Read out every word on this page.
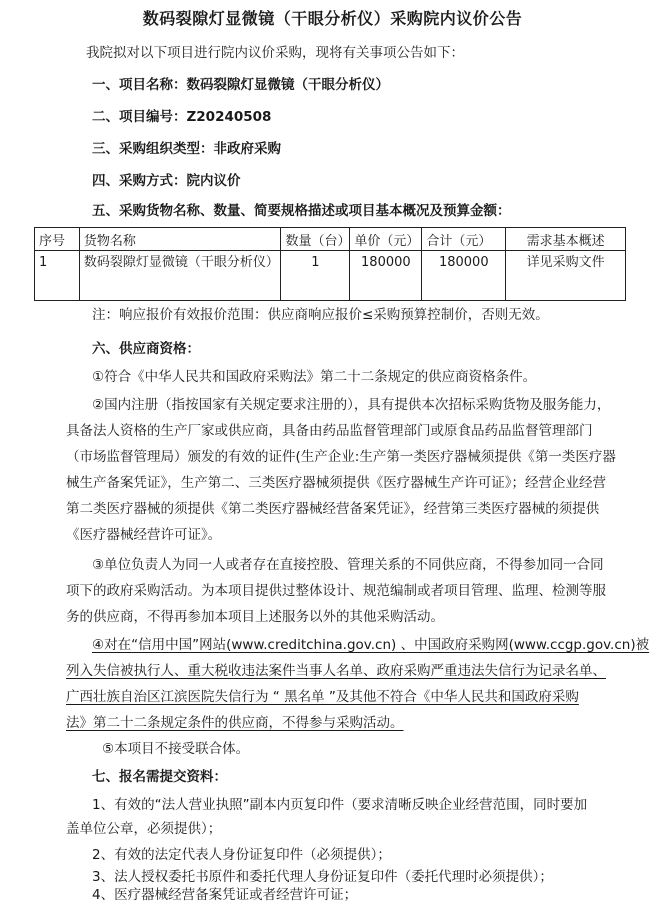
数码裂隙灯显微镜（干眼分析仪）采购院内议价公告
我院拟对以下项目进行院内议价采购，现将有关事项公告如下：
一、项目名称：数码裂隙灯显微镜（干眼分析仪）
二、项目编号：Z20240508
三、采购组织类型：非政府采购
四、采购方式：院内议价
五、采购货物名称、数量、简要规格描述或项目基本概况及预算金额：
序号	货物名称	数量（台）	单价（元）	合计（元）	需求基本概述
1	数码裂隙灯显微镜（干眼分析仪）	1	180000	180000	详见采购文件
注：响应报价有效报价范围：供应商响应报价≤采购预算控制价，否则无效。
六、供应商资格：
①符合《中华人民共和国政府采购法》第二十二条规定的供应商资格条件。
②国内注册（指按国家有关规定要求注册的），具有提供本次招标采购货物及服务能力，
具备法人资格的生产厂家或供应商，具备由药品监督管理部门或原食品药品监督管理部门
（市场监督管理局）颁发的有效的证件(生产企业:生产第一类医疗器械须提供《第一类医疗器
械生产备案凭证》，生产第二、三类医疗器械须提供《医疗器械生产许可证》；经营企业经营
第二类医疗器械的须提供《第二类医疗器械经营备案凭证》，经营第三类医疗器械的须提供
《医疗器械经营许可证》。
③单位负责人为同一人或者存在直接控股、管理关系的不同供应商，不得参加同一合同
项下的政府采购活动。为本项目提供过整体设计、规范编制或者项目管理、监理、检测等服
务的供应商，不得再参加本项目上述服务以外的其他采购活动。
④对在“信用中国”网站(www.creditchina.gov.cn) 、中国政府采购网(www.ccgp.gov.cn)被
列入失信被执行人、重大税收违法案件当事人名单、政府采购严重违法失信行为记录名单、
广西壮族自治区江滨医院失信行为 “ 黑名单 ”及其他不符合《中华人民共和国政府采购
法》第二十二条规定条件的供应商，不得参与采购活动。
⑤本项目不接受联合体。
七、报名需提交资料：
1、有效的“法人营业执照”副本内页复印件（要求清晰反映企业经营范围，同时要加
盖单位公章，必须提供）；
2、有效的法定代表人身份证复印件（必须提供）；
3、法人授权委托书原件和委托代理人身份证复印件（委托代理时必须提供）；
4、医疗器械经营备案凭证或者经营许可证；
